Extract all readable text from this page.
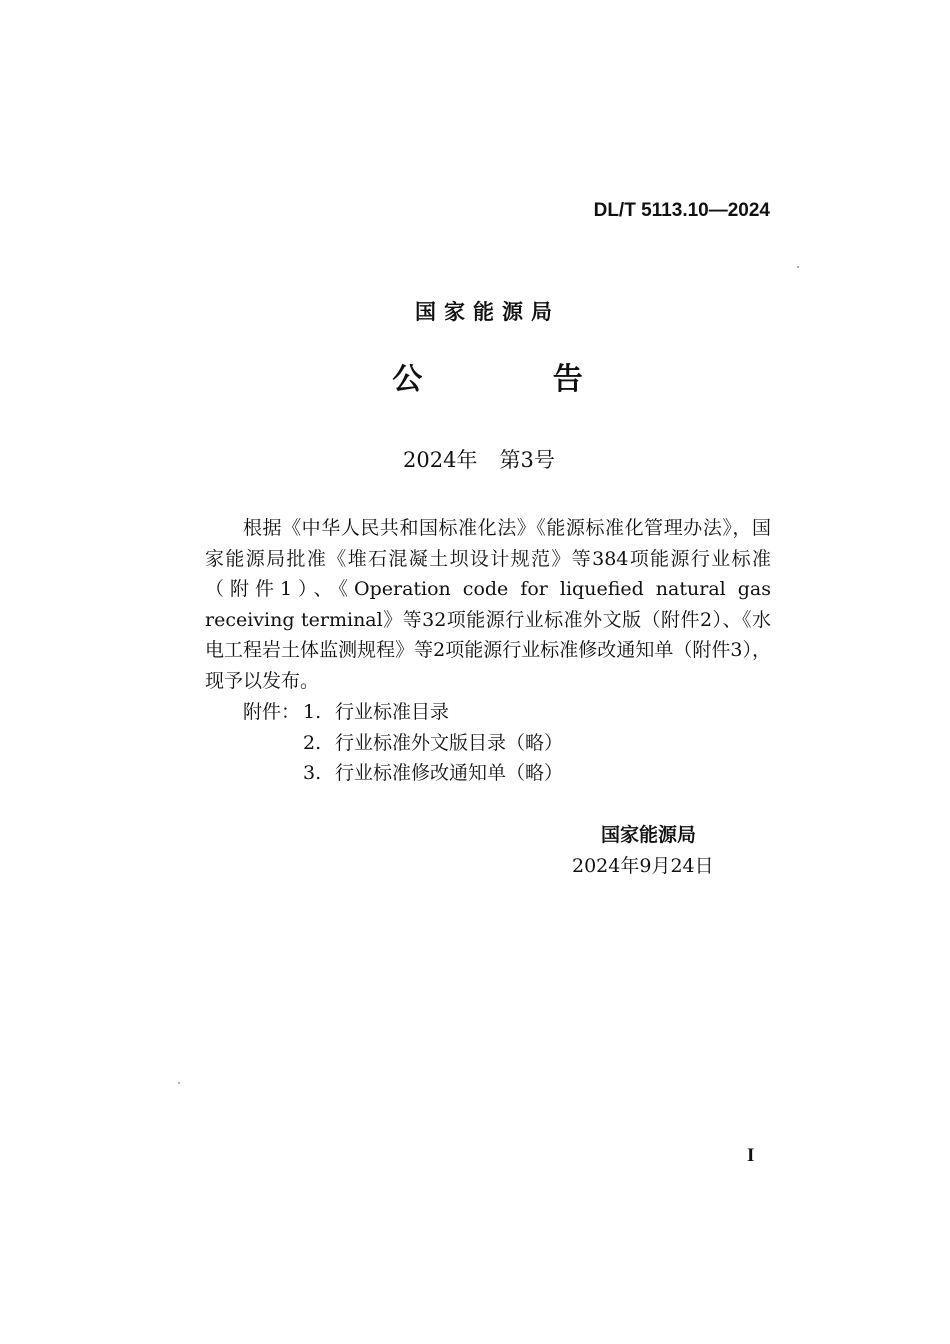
DL/T 5113.10—2024
国家能源局
公 告
2024年 第3号

根据《中华人民共和国标准化法》《能源标准化管理办法》，国家能源局批准《堆石混凝土坝设计规范》等384项能源行业标准（附件1）、《Operation code for liquefied natural gas receiving terminal》等32项能源行业标准外文版（附件2）、《水电工程岩土体监测规程》等2项能源行业标准修改通知单（附件3），现予以发布。

附件： 1. 行业标准目录
2. 行业标准外文版目录（略）
3. 行业标准修改通知单（略）
国家能源局
2024年9月24日
I
